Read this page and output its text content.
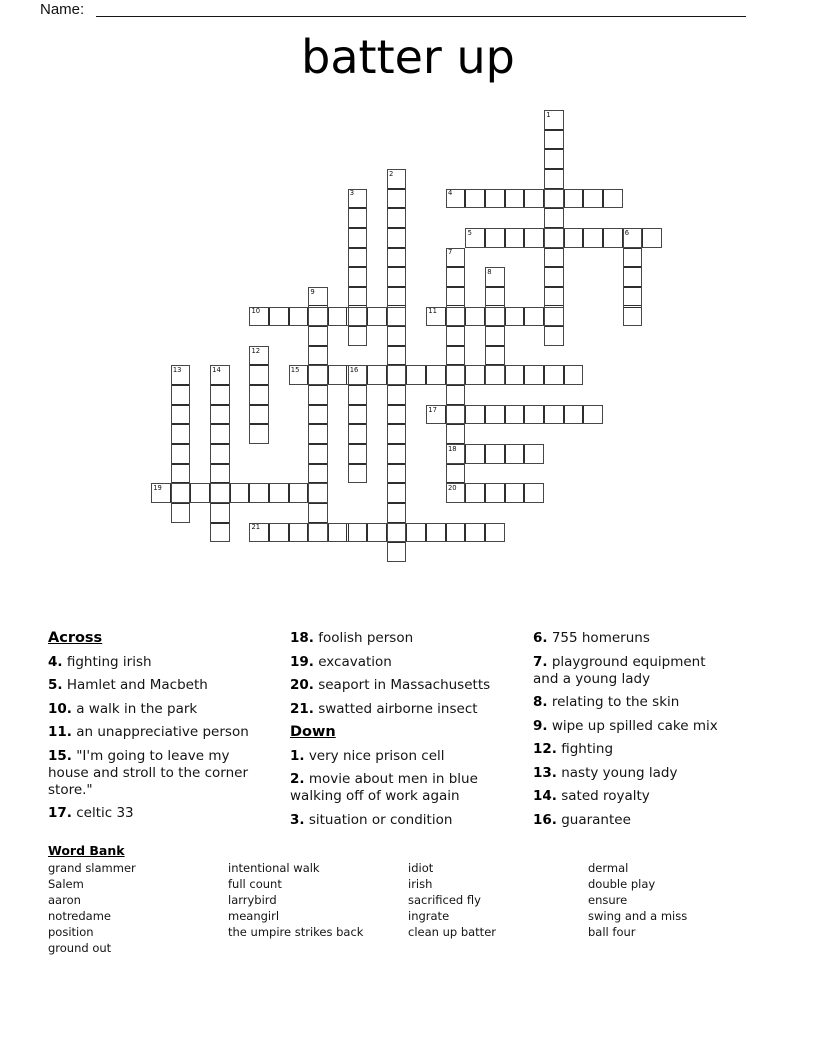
Name:
batter up
1
2
3	4
5	6
7
8
9
10	11
12
13	14	15	16
17
18
19	20
21
Across
4. fighting irish
5. Hamlet and Macbeth
10. a walk in the park
11. an unappreciative person
15. "I'm going to leave my house and stroll to the corner store."
17. celtic 33
18. foolish person
19. excavation
20. seaport in Massachusetts
21. swatted airborne insect
Down
1. very nice prison cell
2. movie about men in blue walking off of work again
3. situation or condition
6. 755 homeruns
7. playground equipment and a young lady
8. relating to the skin
9. wipe up spilled cake mix
12. fighting
13. nasty young lady
14. sated royalty
16. guarantee
Word Bank
grand slammer
Salem
aaron
notredame
position
ground out
intentional walk
full count
larrybird
meangirl
the umpire strikes back
idiot
irish
sacrificed fly
ingrate
clean up batter
dermal
double play
ensure
swing and a miss
ball four
